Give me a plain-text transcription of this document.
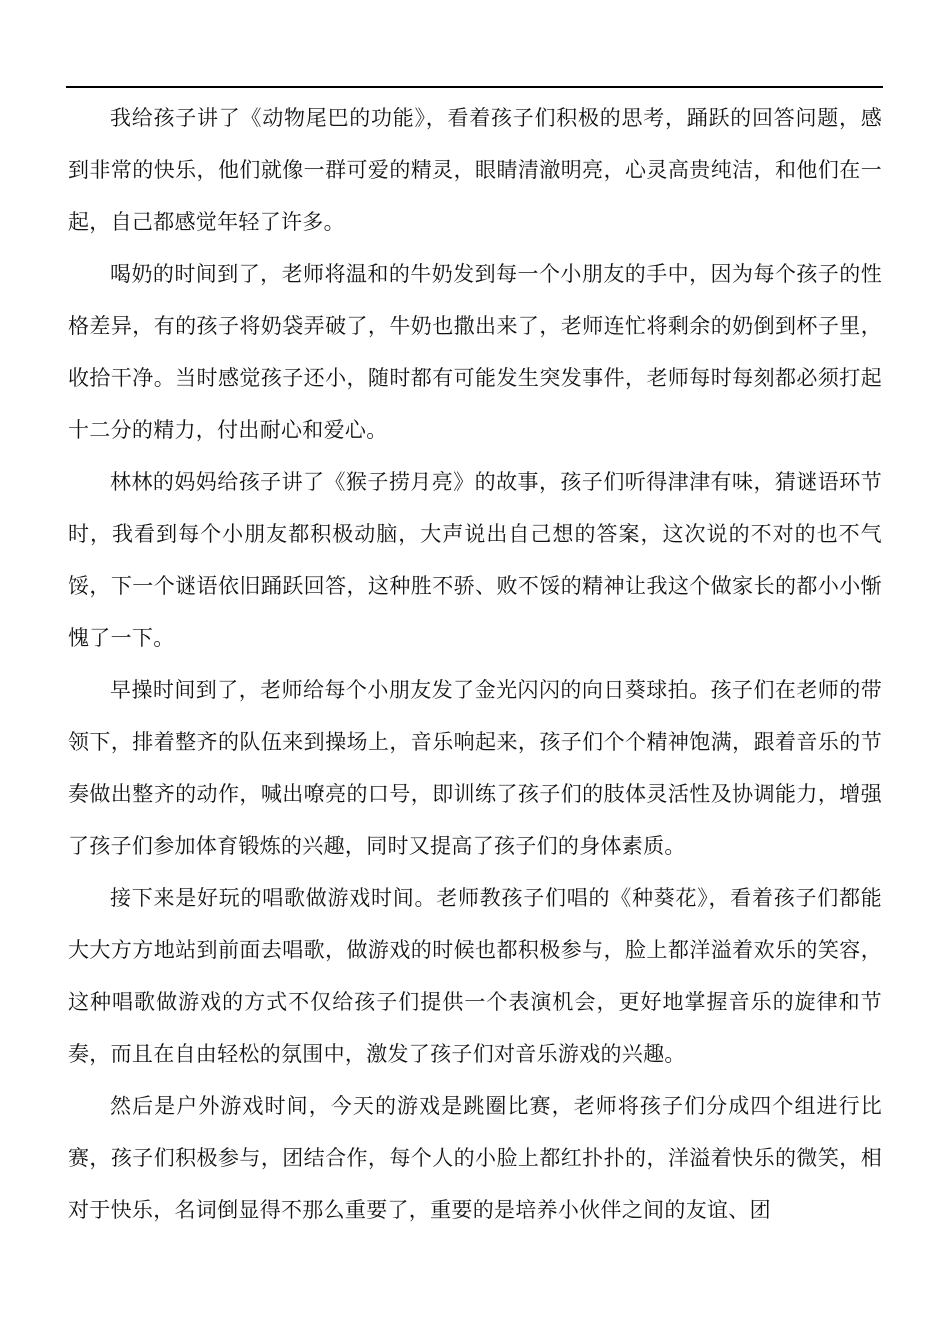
我给孩子讲了《动物尾巴的功能》，看着孩子们积极的思考，踊跃的回答问题，感到非常的快乐，他们就像一群可爱的精灵，眼睛清澈明亮，心灵高贵纯洁，和他们在一起，自己都感觉年轻了许多。

喝奶的时间到了，老师将温和的牛奶发到每一个小朋友的手中，因为每个孩子的性格差异，有的孩子将奶袋弄破了，牛奶也撒出来了，老师连忙将剩余的奶倒到杯子里，收拾干净。当时感觉孩子还小，随时都有可能发生突发事件，老师每时每刻都必须打起十二分的精力，付出耐心和爱心。

林林的妈妈给孩子讲了《猴子捞月亮》的故事，孩子们听得津津有味，猜谜语环节时，我看到每个小朋友都积极动脑，大声说出自己想的答案，这次说的不对的也不气馁，下一个谜语依旧踊跃回答，这种胜不骄、败不馁的精神让我这个做家长的都小小惭愧了一下。

早操时间到了，老师给每个小朋友发了金光闪闪的向日葵球拍。孩子们在老师的带领下，排着整齐的队伍来到操场上，音乐响起来，孩子们个个精神饱满，跟着音乐的节奏做出整齐的动作，喊出嘹亮的口号，即训练了孩子们的肢体灵活性及协调能力，增强了孩子们参加体育锻炼的兴趣，同时又提高了孩子们的身体素质。

接下来是好玩的唱歌做游戏时间。老师教孩子们唱的《种葵花》，看着孩子们都能大大方方地站到前面去唱歌，做游戏的时候也都积极参与，脸上都洋溢着欢乐的笑容，这种唱歌做游戏的方式不仅给孩子们提供一个表演机会，更好地掌握音乐的旋律和节奏，而且在自由轻松的氛围中，激发了孩子们对音乐游戏的兴趣。

然后是户外游戏时间，今天的游戏是跳圈比赛，老师将孩子们分成四个组进行比赛，孩子们积极参与，团结合作，每个人的小脸上都红扑扑的，洋溢着快乐的微笑，相对于快乐，名词倒显得不那么重要了，重要的是培养小伙伴之间的友谊、团
